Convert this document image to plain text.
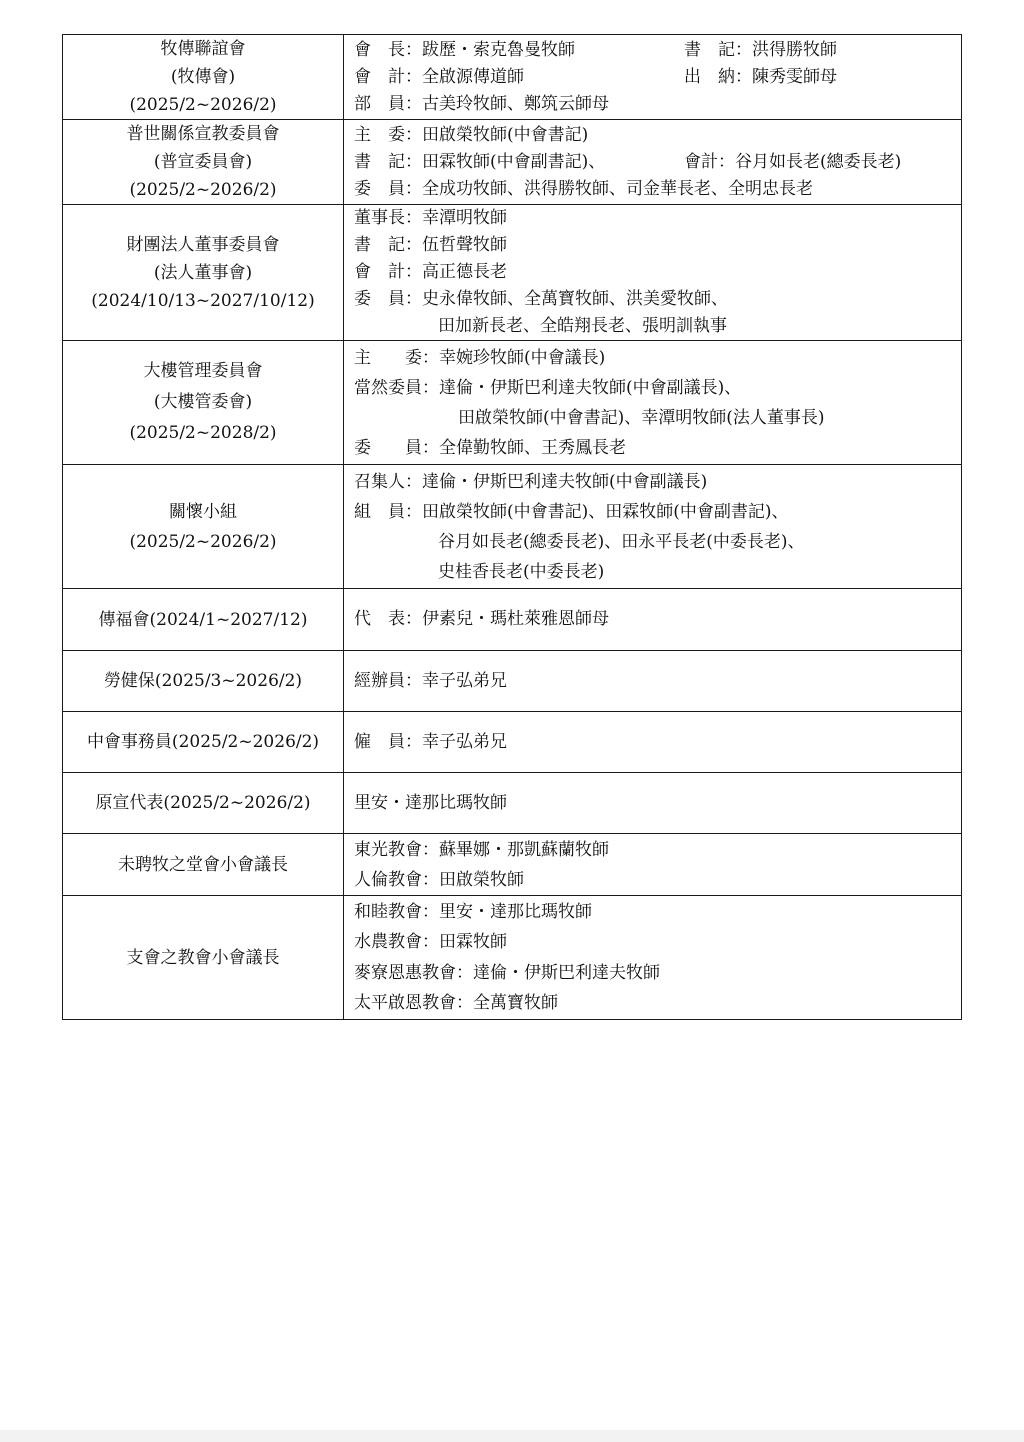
牧傳聯誼會
(牧傳會)
(2025/2~2026/2)	會　長：跋歷・索克魯曼牧師 書　記：洪得勝牧師
會　計：全啟源傳道師 出　納：陳秀雯師母
部　員：古美玲牧師、鄭筑云師母

普世關係宣教委員會
(普宣委員會)
(2025/2~2026/2)	主　委：田啟榮牧師(中會書記)
書　記：田霖牧師(中會副書記)、 會計：谷月如長老(總委長老)
委　員：全成功牧師、洪得勝牧師、司金華長老、全明忠長老

財團法人董事委員會
(法人董事會)
(2024/10/13~2027/10/12)	董事長：幸潭明牧師
書　記：伍哲聲牧師
會　計：高正德長老
委　員：史永偉牧師、全萬寶牧師、洪美愛牧師、
田加新長老、全皓翔長老、張明訓執事

大樓管理委員會
(大樓管委會)
(2025/2~2028/2)	主　　委：幸婉珍牧師(中會議長)
當然委員：達倫・伊斯巴利達夫牧師(中會副議長)、
田啟榮牧師(中會書記)、幸潭明牧師(法人董事長)
委　　員：全偉勤牧師、王秀鳳長老

關懷小組
(2025/2~2026/2)	召集人：達倫・伊斯巴利達夫牧師(中會副議長)
組　員：田啟榮牧師(中會書記)、田霖牧師(中會副書記)、
谷月如長老(總委長老)、田永平長老(中委長老)、
史桂香長老(中委長老)

傳福會(2024/1~2027/12)	代　表：伊素兒・瑪杜萊雅恩師母

勞健保(2025/3~2026/2)	經辦員：幸子弘弟兄

中會事務員(2025/2~2026/2)	僱　員：幸子弘弟兄

原宣代表(2025/2~2026/2)	里安・達那比瑪牧師

未聘牧之堂會小會議長	東光教會：蘇畢娜・那凱蘇蘭牧師
人倫教會：田啟榮牧師

支會之教會小會議長	和睦教會：里安・達那比瑪牧師
水農教會：田霖牧師
麥寮恩惠教會：達倫・伊斯巴利達夫牧師
太平啟恩教會：全萬寶牧師
